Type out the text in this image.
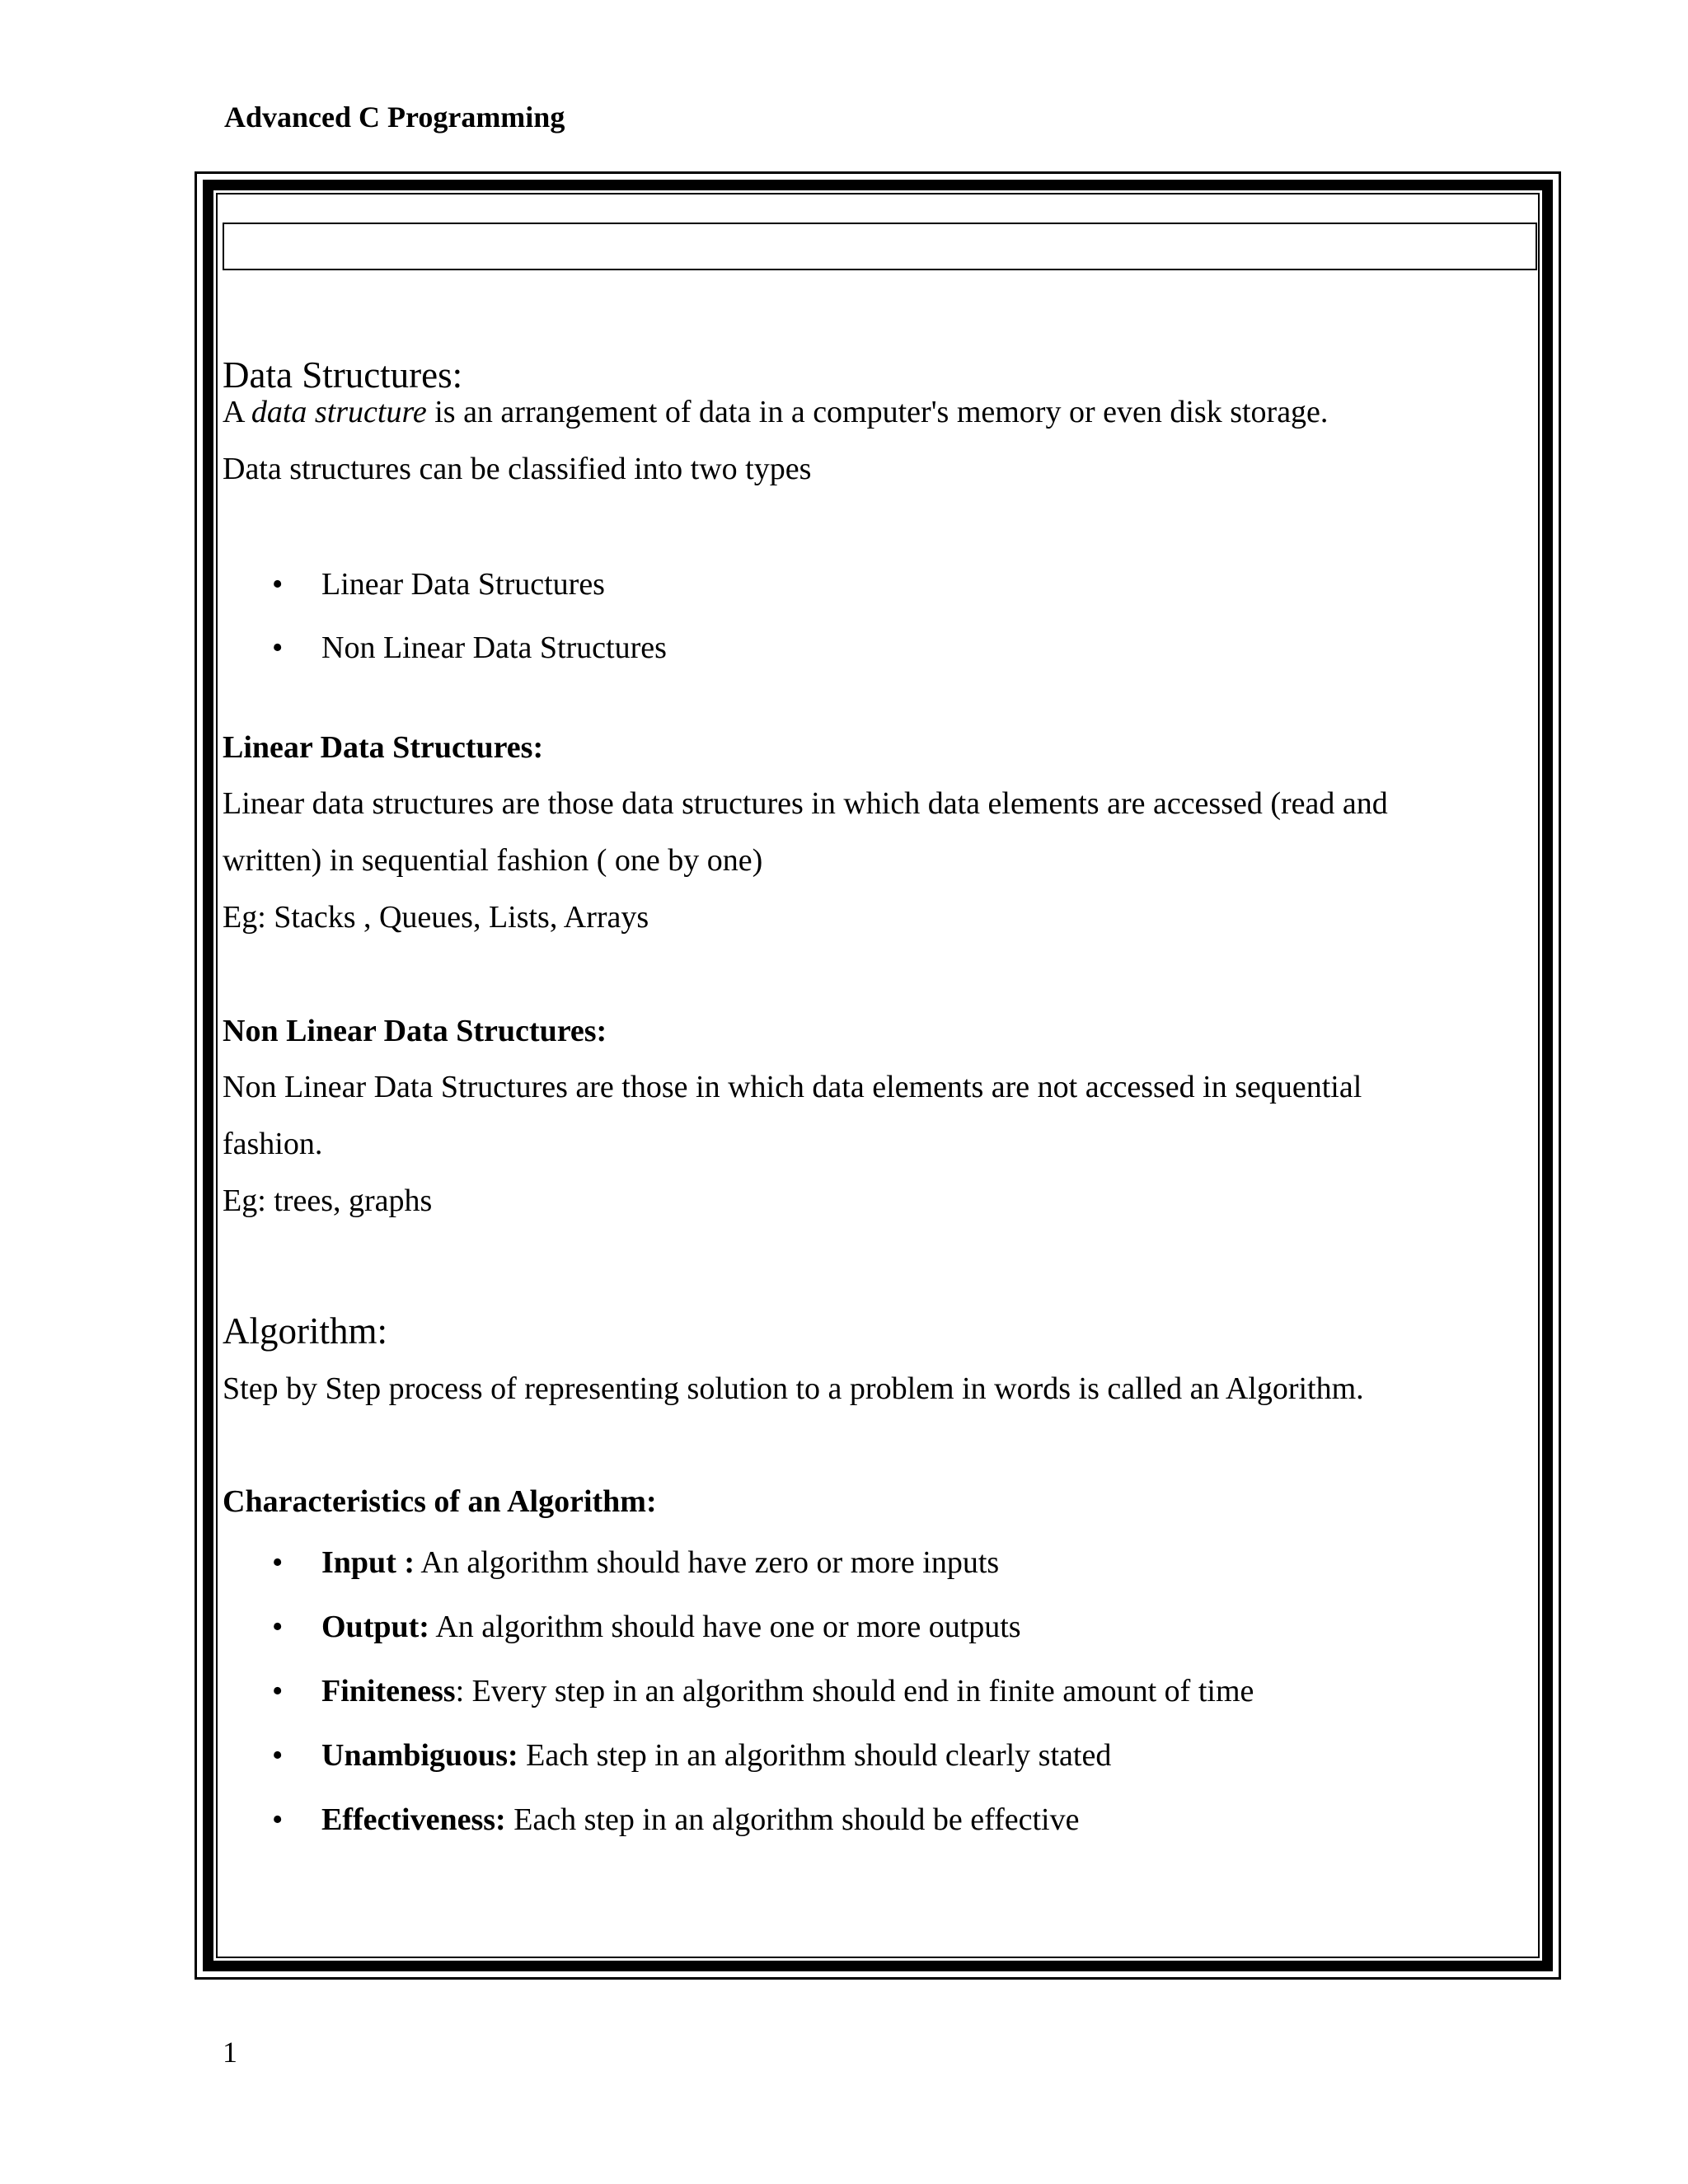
Advanced C Programming
Introduction to Data Structures
Data Structures:
A data structure is an arrangement of data in a computer's memory or even disk storage.
Data structures can be classified into two types
• Linear Data Structures
• Non Linear Data Structures
Linear Data Structures:
Linear data structures are those data structures in which data elements are accessed (read and
written) in sequential fashion ( one by one)
Eg: Stacks , Queues, Lists, Arrays
Non Linear Data Structures:
Non Linear Data Structures are those in which data elements are not accessed in sequential
fashion.
Eg: trees, graphs
Algorithm:
Step by Step process of representing solution to a problem in words is called an Algorithm.
Characteristics of an Algorithm:
• Input : An algorithm should have zero or more inputs
• Output: An algorithm should have one or more outputs
• Finiteness: Every step in an algorithm should end in finite amount of time
• Unambiguous: Each step in an algorithm should clearly stated
• Effectiveness: Each step in an algorithm should be effective
1
